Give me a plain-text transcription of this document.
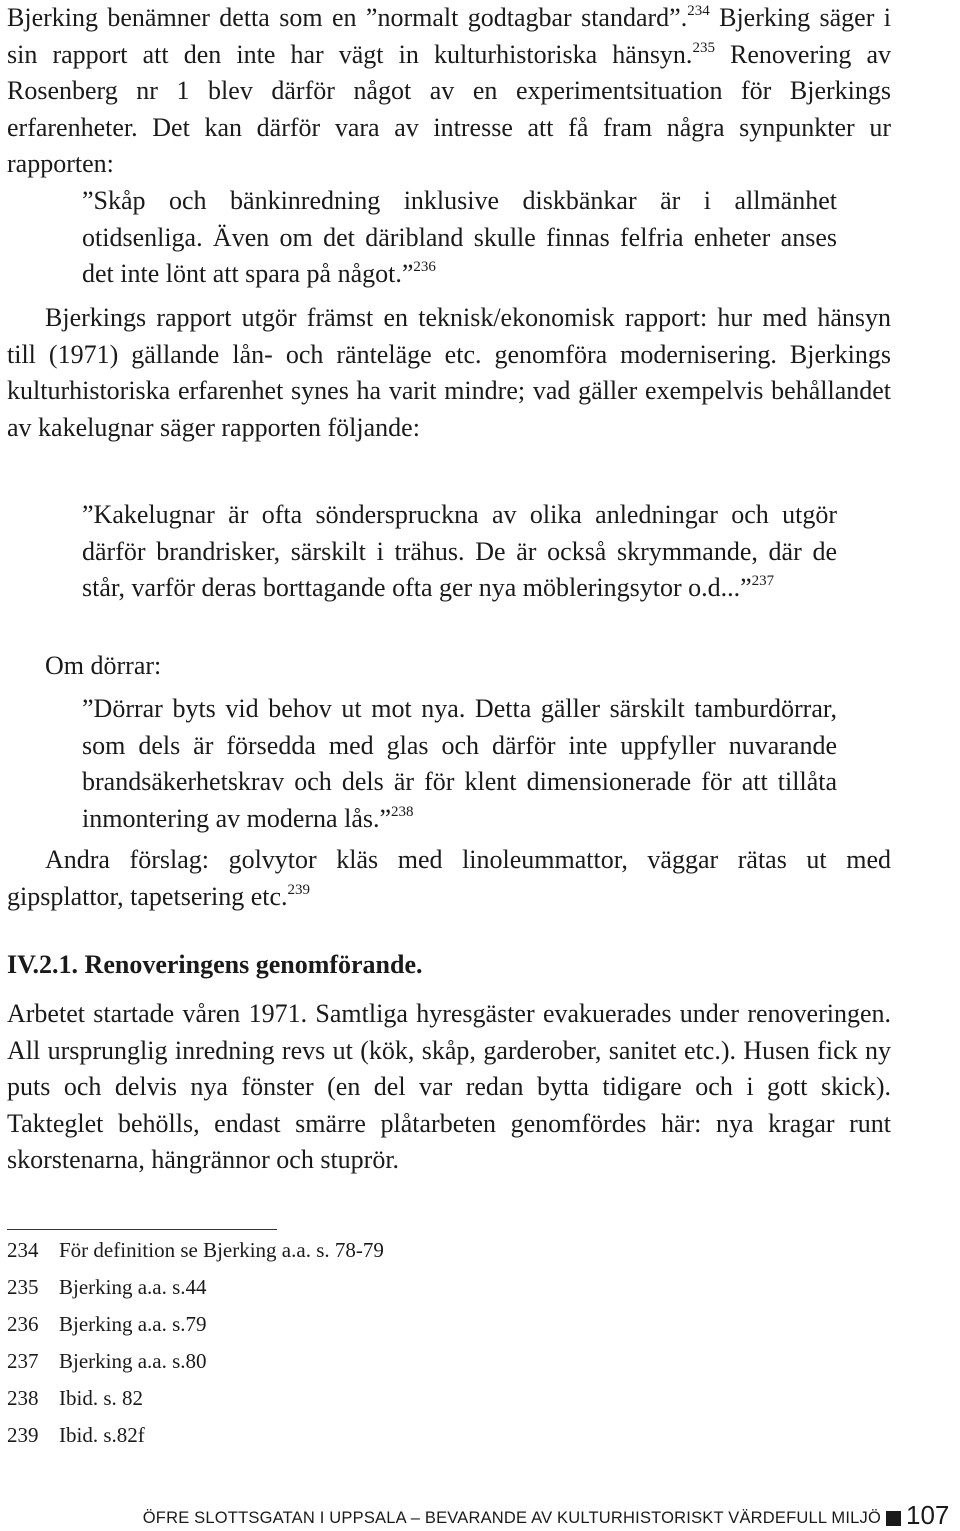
Bjerking benämner detta som en ”normalt godtagbar standard”.$^{234}$ Bjerking säger i sin rapport att den inte har vägt in kulturhistoriska hänsyn.$^{235}$ Renovering av Rosenberg nr 1 blev därför något av en experimentsituation för Bjerkings erfarenheter. Det kan därför vara av intresse att få fram några synpunkter ur rapporten:

”Skåp och bänkinredning inklusive diskbänkar är i allmänhet otidsenliga. Även om det däribland skulle finnas felfria enheter anses det inte lönt att spara på något.”$^{236}$

Bjerkings rapport utgör främst en teknisk/ekonomisk rapport: hur med hänsyn till (1971) gällande lån- och ränteläge etc. genomföra modernisering. Bjerkings kulturhistoriska erfarenhet synes ha varit mindre; vad gäller exempelvis behållandet av kakelugnar säger rapporten följande:

”Kakelugnar är ofta sönderspruckna av olika anledningar och utgör därför brandrisker, särskilt i trähus. De är också skrymmande, där de står, varför deras borttagande ofta ger nya möbleringsytor o.d...”$^{237}$

Om dörrar:

”Dörrar byts vid behov ut mot nya. Detta gäller särskilt tamburdörrar, som dels är försedda med glas och därför inte uppfyller nuvarande brandsäkerhetskrav och dels är för klent dimensionerade för att tillåta inmontering av moderna lås.”$^{238}$

Andra förslag: golvytor kläs med linoleummattor, väggar rätas ut med gipsplattor, tapetsering etc.$^{239}$

IV.2.1. Renoveringens genomförande.

Arbetet startade våren 1971. Samtliga hyresgäster evakuerades under renoveringen. All ursprunglig inredning revs ut (kök, skåp, garderober, sanitet etc.). Husen fick ny puts och delvis nya fönster (en del var redan bytta tidigare och i gott skick). Takteglet behölls, endast smärre plåtarbeten genomfördes här: nya kragar runt skorstenarna, hängrännor och stuprör.

234 För definition se Bjerking a.a. s. 78-79
235 Bjerking a.a. s.44
236 Bjerking a.a. s.79
237 Bjerking a.a. s.80
238 Ibid. s. 82
239 Ibid. s.82f
ÖFRE SLOTTSGATAN I UPPSALA – BEVARANDE AV KULTURHISTORISKT VÄRDEFULL MILJÖ 107
